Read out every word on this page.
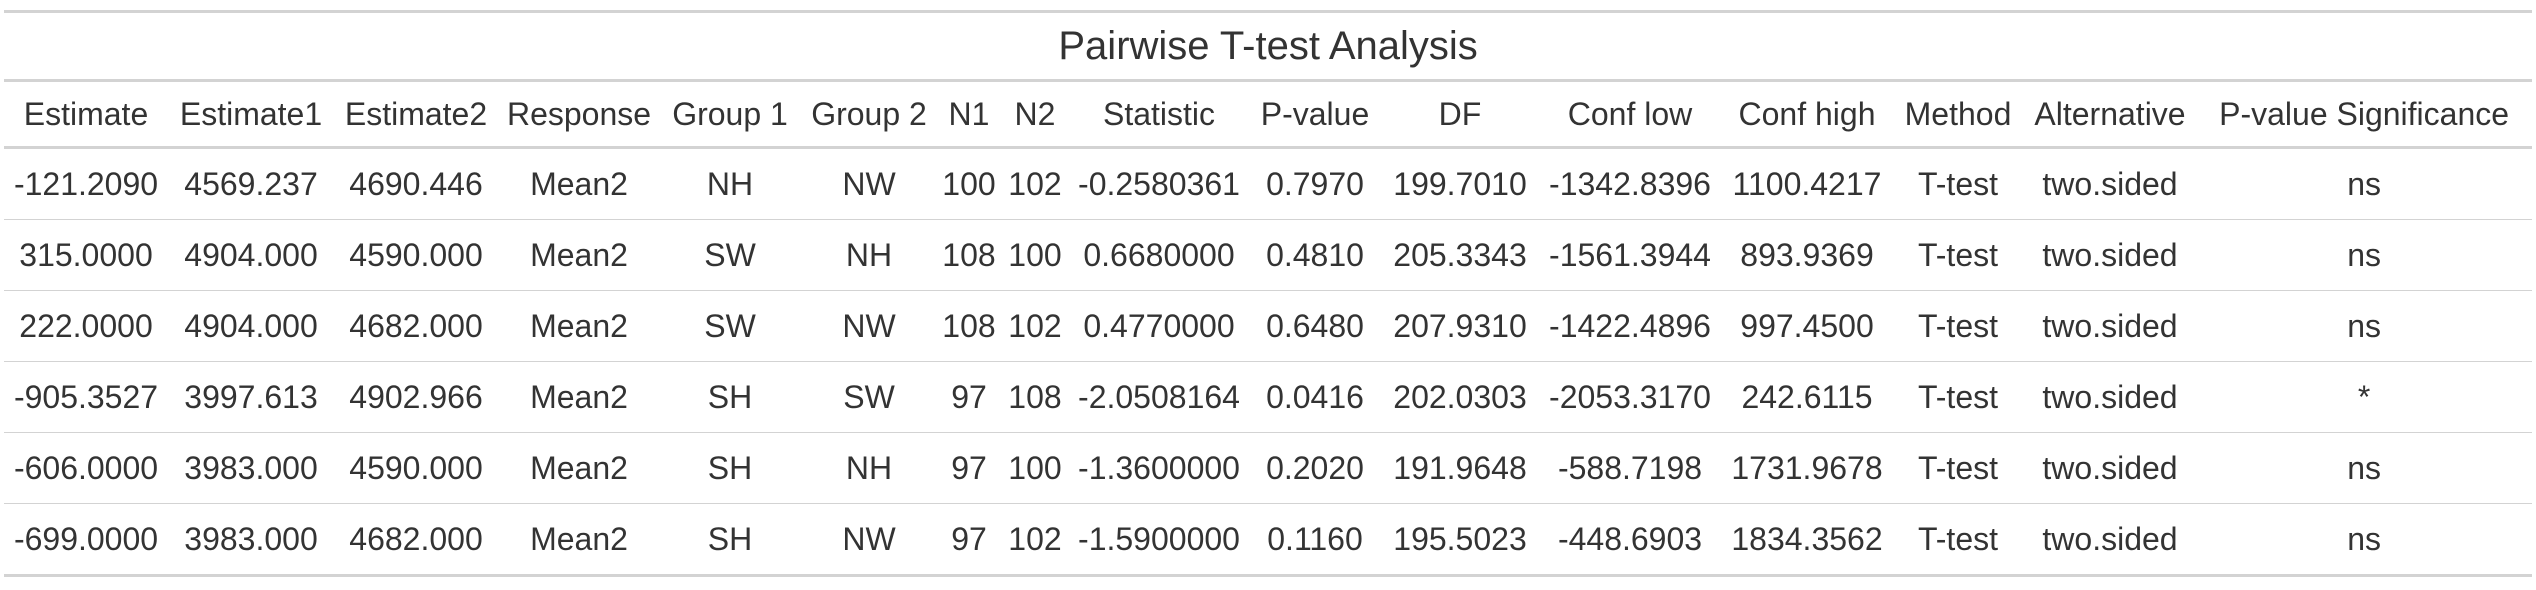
Pairwise T-test Analysis															
Estimate	Estimate1	Estimate2	Response	Group 1	Group 2	N1	N2	Statistic	P-value	DF	Conf low	Conf high	Method	Alternative	P-value Significance
-121.2090	4569.237	4690.446	Mean2	NH	NW	100	102	-0.2580361	0.7970	199.7010	-1342.8396	1100.4217	T-test	two.sided	ns
315.0000	4904.000	4590.000	Mean2	SW	NH	108	100	0.6680000	0.4810	205.3343	-1561.3944	893.9369	T-test	two.sided	ns
222.0000	4904.000	4682.000	Mean2	SW	NW	108	102	0.4770000	0.6480	207.9310	-1422.4896	997.4500	T-test	two.sided	ns
-905.3527	3997.613	4902.966	Mean2	SH	SW	97	108	-2.0508164	0.0416	202.0303	-2053.3170	242.6115	T-test	two.sided	*
-606.0000	3983.000	4590.000	Mean2	SH	NH	97	100	-1.3600000	0.2020	191.9648	-588.7198	1731.9678	T-test	two.sided	ns
-699.0000	3983.000	4682.000	Mean2	SH	NW	97	102	-1.5900000	0.1160	195.5023	-448.6903	1834.3562	T-test	two.sided	ns
